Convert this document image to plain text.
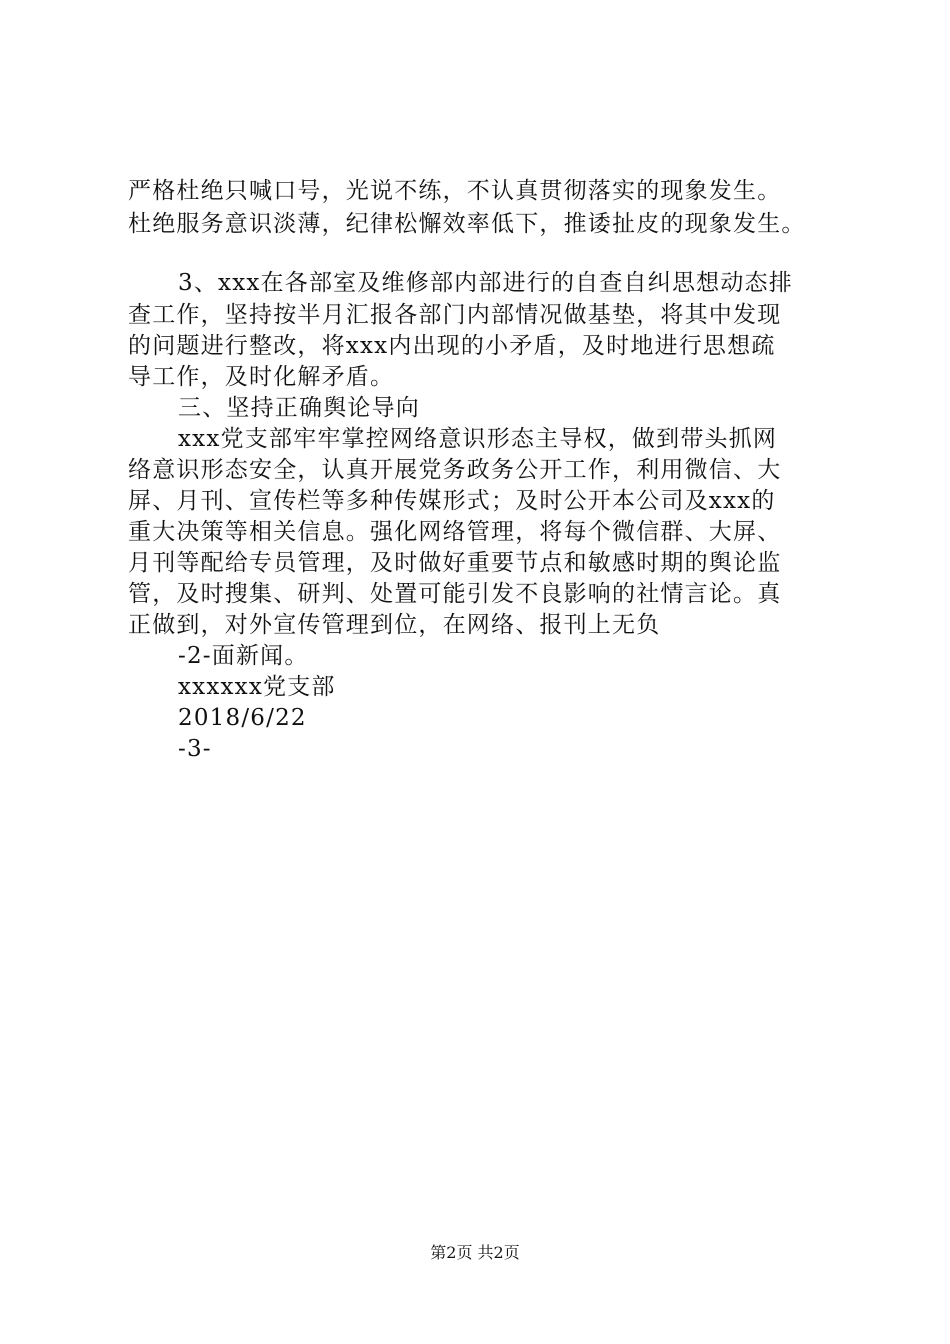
严格杜绝只喊口号，光说不练，不认真贯彻落实的现象发生。
杜绝服务意识淡薄，纪律松懈效率低下，推诿扯皮的现象发生。
3、xxx在各部室及维修部内部进行的自查自纠思想动态排
查工作，坚持按半月汇报各部门内部情况做基垫，将其中发现
的问题进行整改，将xxx内出现的小矛盾，及时地进行思想疏
导工作，及时化解矛盾。
三、坚持正确舆论导向
xxx党支部牢牢掌控网络意识形态主导权，做到带头抓网
络意识形态安全，认真开展党务政务公开工作，利用微信、大
屏、月刊、宣传栏等多种传媒形式；及时公开本公司及xxx的
重大决策等相关信息。强化网络管理，将每个微信群、大屏、
月刊等配给专员管理，及时做好重要节点和敏感时期的舆论监
管，及时搜集、研判、处置可能引发不良影响的社情言论。真
正做到，对外宣传管理到位，在网络、报刊上无负
-2-面新闻。
xxxxxx党支部
2018/6/22
-3-
第2页 共2页
